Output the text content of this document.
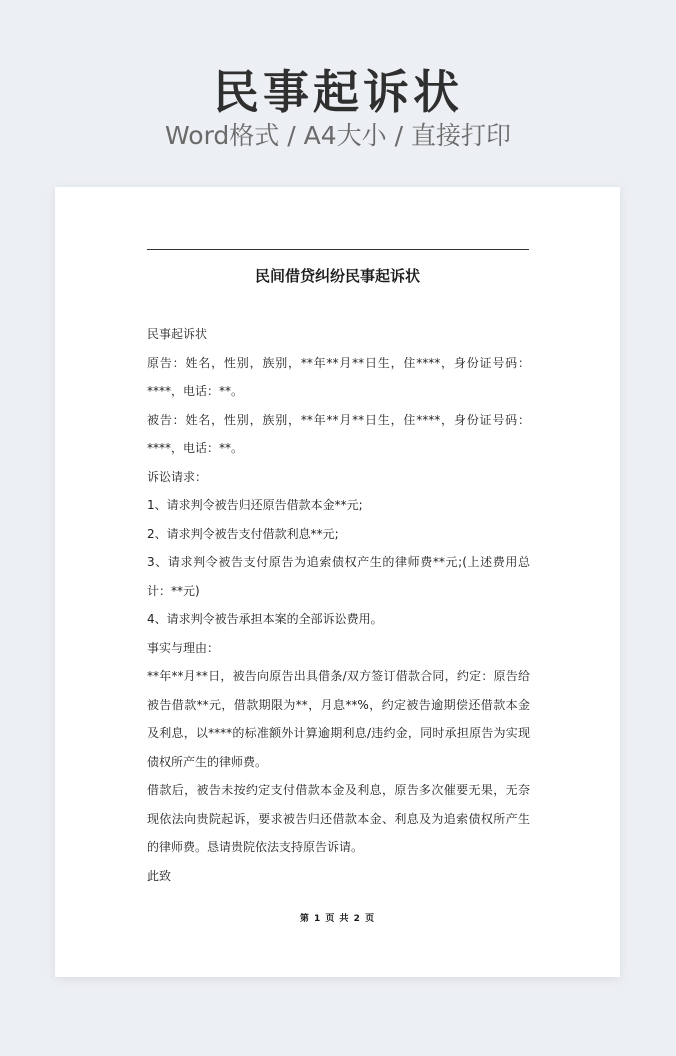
民事起诉状
Word格式 / A4大小 / 直接打印
民间借贷纠纷民事起诉状

民事起诉状

原告：姓名，性别，族别，**年**月**日生，住****，身份证号码：****，电话：**。

被告：姓名，性别，族别，**年**月**日生，住****，身份证号码：****，电话：**。

诉讼请求：

1、请求判令被告归还原告借款本金**元;

2、请求判令被告支付借款利息**元;

3、请求判令被告支付原告为追索债权产生的律师费**元;(上述费用总计：**元)

4、请求判令被告承担本案的全部诉讼费用。

事实与理由：

**年**月**日，被告向原告出具借条/双方签订借款合同，约定：原告给被告借款**元，借款期限为**，月息**%，约定被告逾期偿还借款本金及利息，以****的标准额外计算逾期利息/违约金，同时承担原告为实现债权所产生的律师费。

借款后，被告未按约定支付借款本金及利息，原告多次催要无果，无奈现依法向贵院起诉，要求被告归还借款本金、利息及为追索债权所产生的律师费。恳请贵院依法支持原告诉请。

此致

第 1 页 共 2 页
